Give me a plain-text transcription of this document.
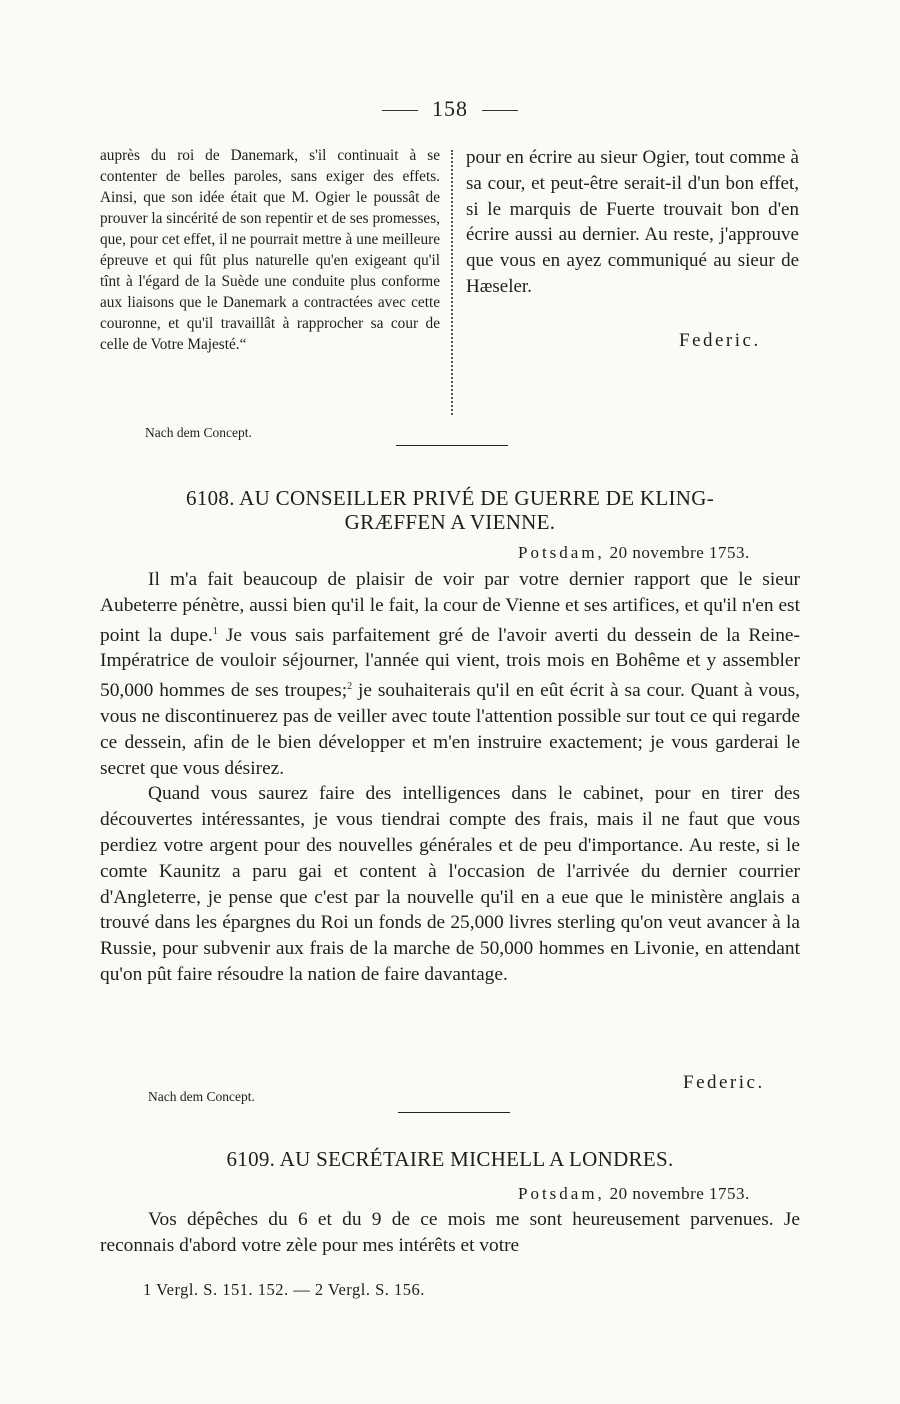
158
auprès du roi de Danemark, s'il continuait à se contenter de belles paroles, sans exiger des effets. Ainsi, que son idée était que M. Ogier le poussât de prouver la sincérité de son repentir et de ses promesses, que, pour cet effet, il ne pourrait mettre à une meilleure épreuve et qui fût plus naturelle qu'en exigeant qu'il tînt à l'égard de la Suède une conduite plus conforme aux liaisons que le Danemark a contractées avec cette couronne, et qu'il travaillât à rapprocher sa cour de celle de Votre Majesté.“
pour en écrire au sieur Ogier, tout comme à sa cour, et peut-être serait-il d'un bon effet, si le marquis de Fuerte trouvait bon d'en écrire aussi au dernier. Au reste, j'approuve que vous en ayez communiqué au sieur de Hæseler.
Federic.
Nach dem Concept.
6108. AU CONSEILLER PRIVÉ DE GUERRE DE KLING-
GRÆFFEN A VIENNE.
Potsdam, 20 novembre 1753.

Il m'a fait beaucoup de plaisir de voir par votre dernier rapport que le sieur Aubeterre pénètre, aussi bien qu'il le fait, la cour de Vienne et ses artifices, et qu'il n'en est point la dupe.$^1$ Je vous sais parfaitement gré de l'avoir averti du dessein de la Reine-Impératrice de vouloir séjourner, l'année qui vient, trois mois en Bohême et y assembler 50,000 hommes de ses troupes;$^2$ je souhaiterais qu'il en eût écrit à sa cour. Quant à vous, vous ne discontinuerez pas de veiller avec toute l'attention possible sur tout ce qui regarde ce dessein, afin de le bien développer et m'en instruire exactement; je vous garderai le secret que vous désirez.

Quand vous saurez faire des intelligences dans le cabinet, pour en tirer des découvertes intéressantes, je vous tiendrai compte des frais, mais il ne faut que vous perdiez votre argent pour des nouvelles générales et de peu d'importance. Au reste, si le comte Kaunitz a paru gai et content à l'occasion de l'arrivée du dernier courrier d'Angleterre, je pense que c'est par la nouvelle qu'il en a eue que le ministère anglais a trouvé dans les épargnes du Roi un fonds de 25,000 livres sterling qu'on veut avancer à la Russie, pour subvenir aux frais de la marche de 50,000 hommes en Livonie, en attendant qu'on pût faire résoudre la nation de faire davantage.

Federic.
Nach dem Concept.
6109. AU SECRÉTAIRE MICHELL A LONDRES.
Potsdam, 20 novembre 1753.

Vos dépêches du 6 et du 9 de ce mois me sont heureusement parvenues. Je reconnais d'abord votre zèle pour mes intérêts et votre

1 Vergl. S. 151. 152. — 2 Vergl. S. 156.
